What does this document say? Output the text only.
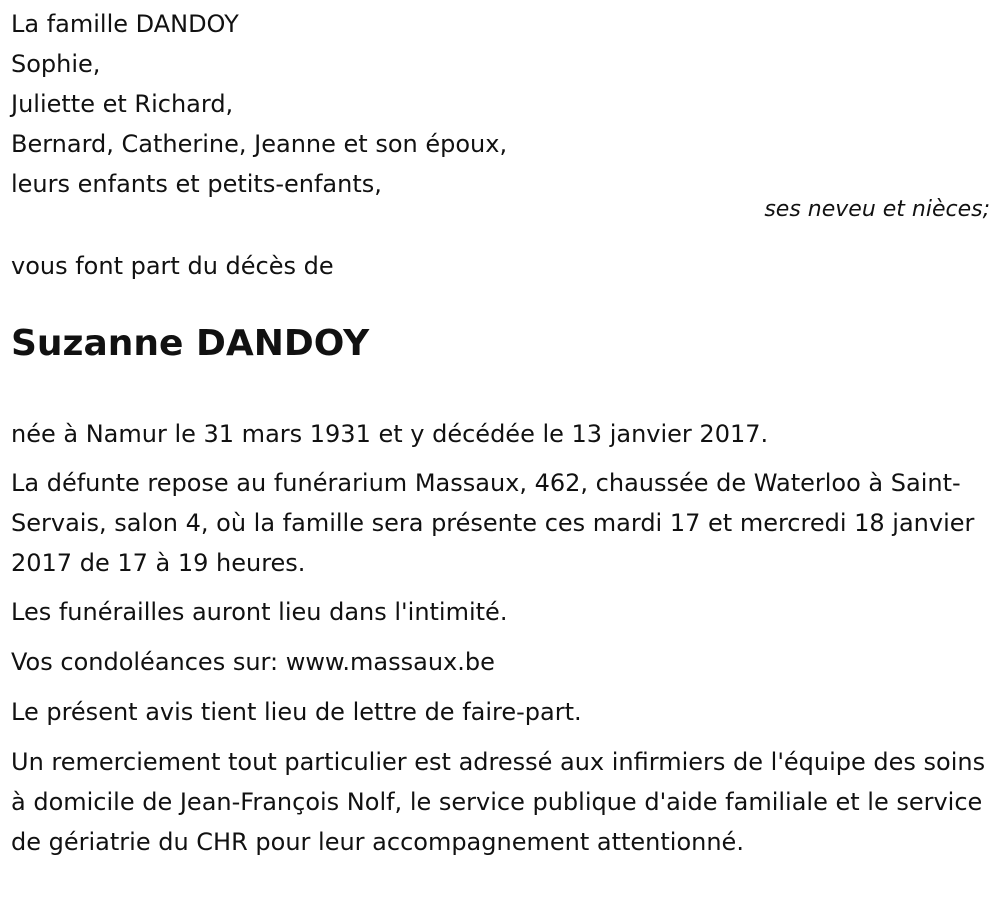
La famille DANDOY

Sophie,

Juliette et Richard,

Bernard, Catherine, Jeanne et son époux,

leurs enfants et petits-enfants,

ses neveu et nièces;

vous font part du décès de

Suzanne DANDOY

née à Namur le 31 mars 1931 et y décédée le 13 janvier 2017.

La défunte repose au funérarium Massaux, 462, chaussée de Waterloo à Saint-Servais, salon 4, où la famille sera présente ces mardi 17 et mercredi 18 janvier 2017 de 17 à 19 heures.

Les funérailles auront lieu dans l'intimité.

Vos condoléances sur: www.massaux.be

Le présent avis tient lieu de lettre de faire-part.

Un remerciement tout particulier est adressé aux infirmiers de l'équipe des soins à domicile de Jean-François Nolf, le service publique d'aide familiale et le service de gériatrie du CHR pour leur accompagnement attentionné.
